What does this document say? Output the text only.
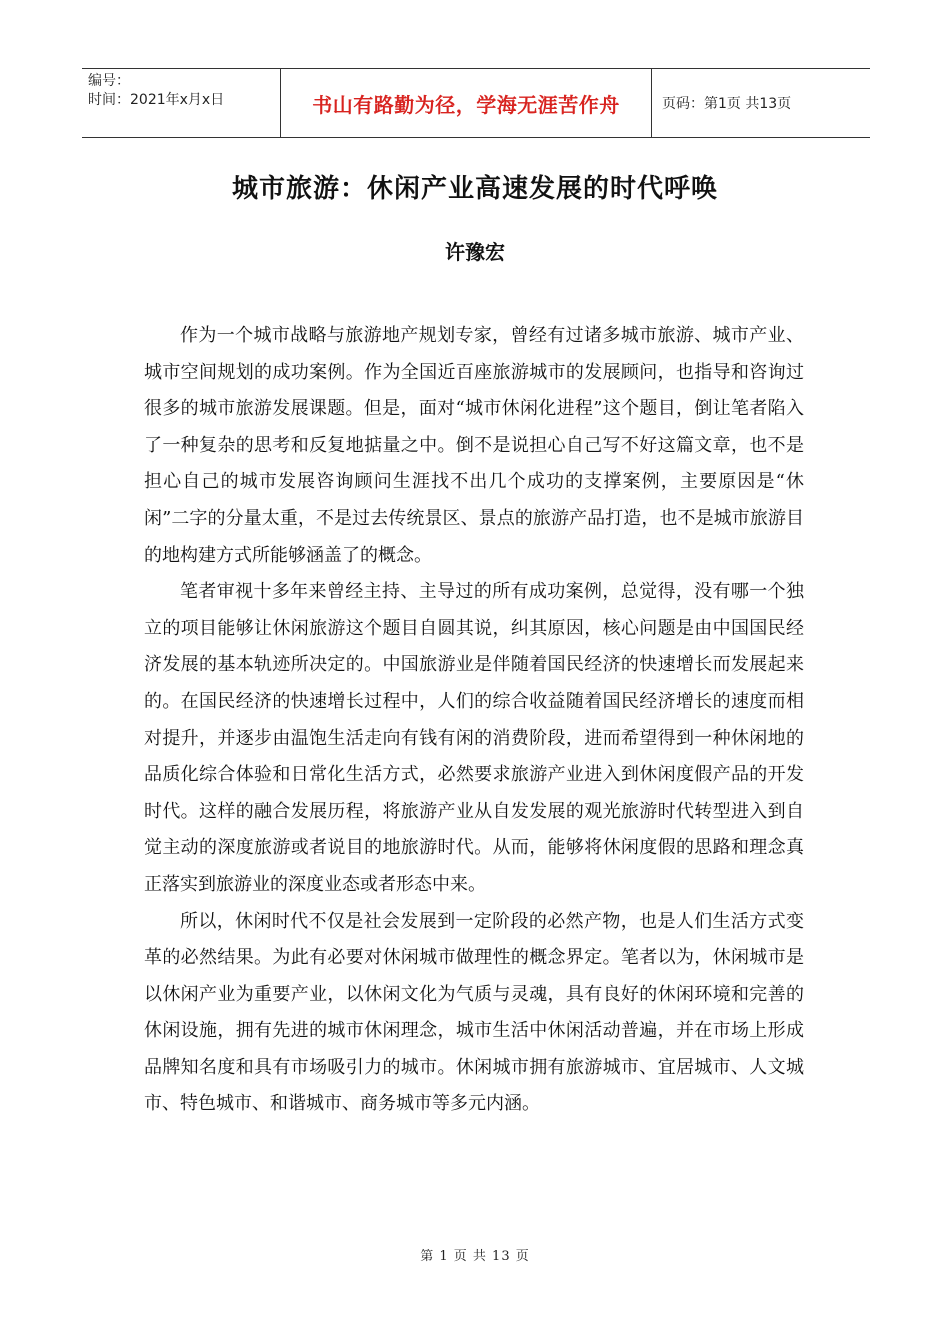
编号：
时间：2021年x月x日	书山有路勤为径，学海无涯苦作舟	页码：第1页 共13页
城市旅游：休闲产业高速发展的时代呼唤
许豫宏

作为一个城市战略与旅游地产规划专家，曾经有过诸多城市旅游、城市产业、城市空间规划的成功案例。作为全国近百座旅游城市的发展顾问，也指导和咨询过很多的城市旅游发展课题。但是，面对“城市休闲化进程”这个题目，倒让笔者陷入了一种复杂的思考和反复地掂量之中。倒不是说担心自己写不好这篇文章，也不是担心自己的城市发展咨询顾问生涯找不出几个成功的支撑案例，主要原因是“休闲”二字的分量太重，不是过去传统景区、景点的旅游产品打造，也不是城市旅游目的地构建方式所能够涵盖了的概念。

笔者审视十多年来曾经主持、主导过的所有成功案例，总觉得，没有哪一个独立的项目能够让休闲旅游这个题目自圆其说，纠其原因，核心问题是由中国国民经济发展的基本轨迹所决定的。中国旅游业是伴随着国民经济的快速增长而发展起来的。在国民经济的快速增长过程中，人们的综合收益随着国民经济增长的速度而相对提升，并逐步由温饱生活走向有钱有闲的消费阶段，进而希望得到一种休闲地的品质化综合体验和日常化生活方式，必然要求旅游产业进入到休闲度假产品的开发时代。这样的融合发展历程，将旅游产业从自发发展的观光旅游时代转型进入到自觉主动的深度旅游或者说目的地旅游时代。从而，能够将休闲度假的思路和理念真正落实到旅游业的深度业态或者形态中来。

所以，休闲时代不仅是社会发展到一定阶段的必然产物，也是人们生活方式变革的必然结果。为此有必要对休闲城市做理性的概念界定。笔者以为，休闲城市是以休闲产业为重要产业，以休闲文化为气质与灵魂，具有良好的休闲环境和完善的休闲设施，拥有先进的城市休闲理念，城市生活中休闲活动普遍，并在市场上形成品牌知名度和具有市场吸引力的城市。休闲城市拥有旅游城市、宜居城市、人文城市、特色城市、和谐城市、商务城市等多元内涵。

第 1 页 共 13 页
